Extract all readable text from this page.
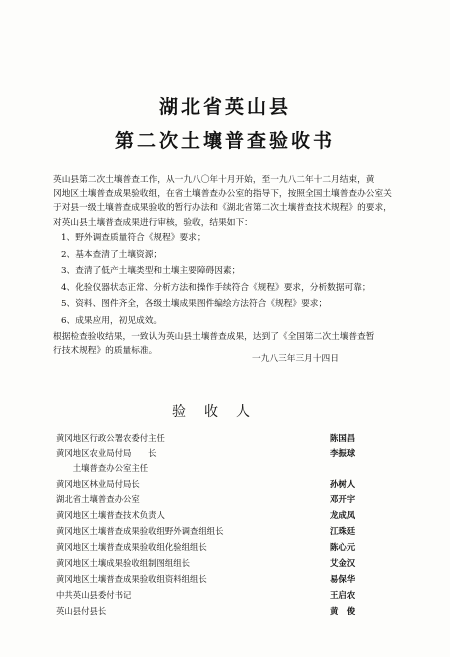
湖北省英山县
第二次土壤普查验收书
英山县第二次土壤普查工作，从一九八〇年十月开始，至一九八二年十二月结束，黄
冈地区土壤普查成果验收组，在省土壤普查办公室的指导下，按照全国土壤普查办公室关
于对县一级土壤普查成果验收的暂行办法和《湖北省第二次土壤普查技术规程》的要求，
对英山县土壤普查成果进行审核，验收，结果如下：
1、野外调查质量符合《规程》要求；
2、基本查清了土壤资源；
3、查清了低产土壤类型和土壤主要障碍因素；
4、化验仪器状态正常、分析方法和操作手续符合《规程》要求，分析数据可靠；
5、资料、图件齐全，各级土壤成果图件编绘方法符合《规程》要求；
6、成果应用，初见成效。
根据检查验收结果，一致认为英山县土壤普查成果，达到了《全国第二次土壤普查暂
行技术规程》的质量标准。
一九八三年三月十四日
验收人
黄冈地区行政公署农委付主任	陈国昌
黄冈地区农业局付局　　长	李振球
　　土壤普查办公室主任
黄冈地区林业局付局长	孙树人
湖北省土壤普查办公室	邓开宇
黄冈地区土壤普查技术负责人	龙成凤
黄冈地区土壤普查成果验收组野外调查组组长	江珠廷
黄冈地区土壤普查成果验收组化验组组长	陈心元
黄冈地区土壤成果验收组制图组组长	艾金汉
黄冈地区土壤普查成果验收组资料组组长	易保华
中共英山县委付书记	王启农
英山县付县长	黄　俊
